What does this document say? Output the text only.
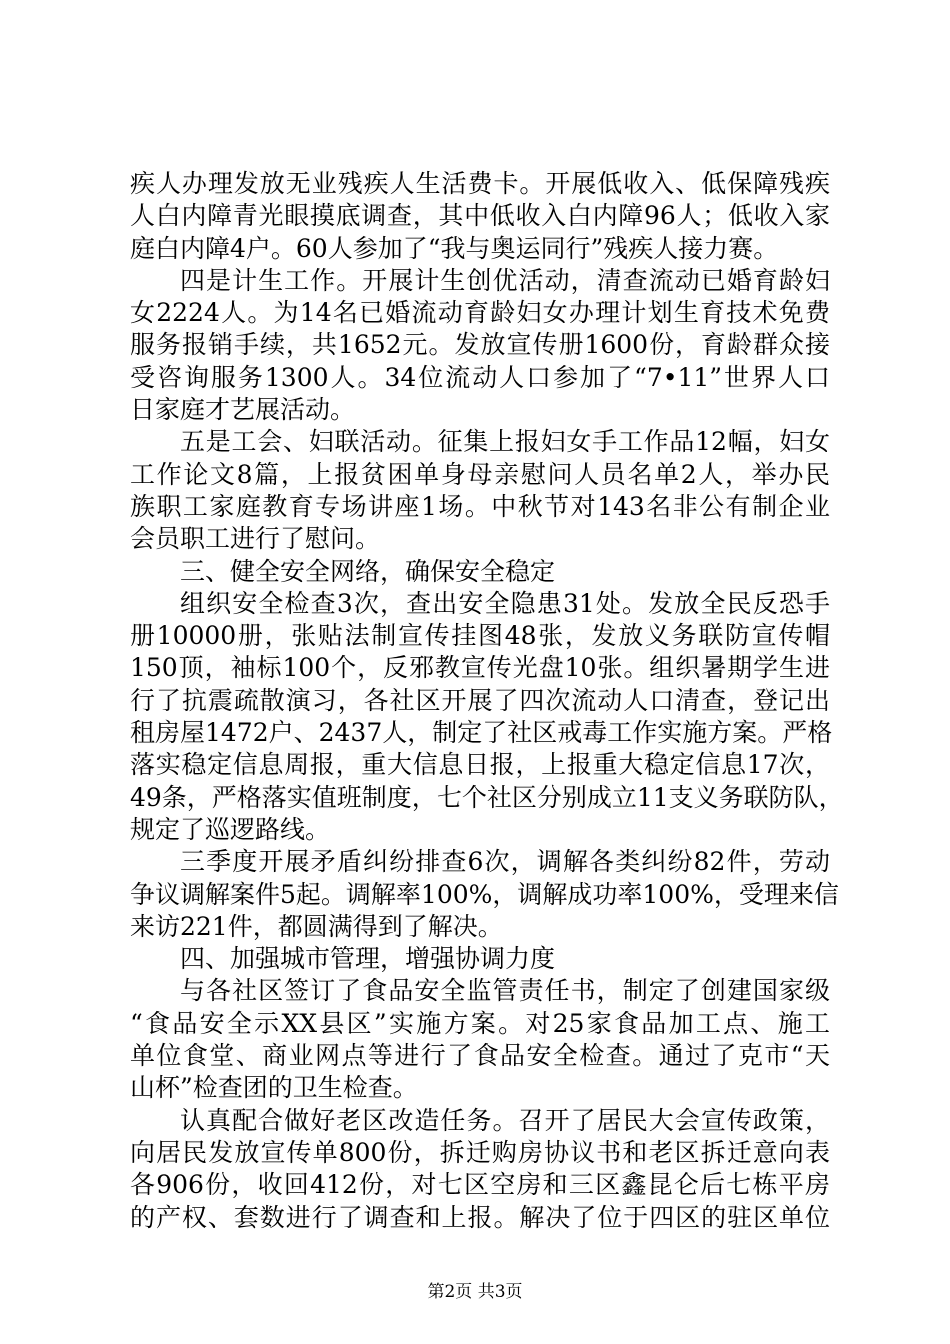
疾人办理发放无业残疾人生活费卡。开展低收入、低保障残疾
人白内障青光眼摸底调查，其中低收入白内障96人；低收入家
庭白内障4户。60人参加了“我与奥运同行”残疾人接力赛。
四是计生工作。开展计生创优活动，清查流动已婚育龄妇
女2224人。为14名已婚流动育龄妇女办理计划生育技术免费
服务报销手续，共1652元。发放宣传册1600份，育龄群众接
受咨询服务1300人。34位流动人口参加了“7•11”世界人口
日家庭才艺展活动。
五是工会、妇联活动。征集上报妇女手工作品12幅，妇女
工作论文8篇，上报贫困单身母亲慰问人员名单2人，举办民
族职工家庭教育专场讲座1场。中秋节对143名非公有制企业
会员职工进行了慰问。
三、健全安全网络，确保安全稳定
组织安全检查3次，查出安全隐患31处。发放全民反恐手
册10000册，张贴法制宣传挂图48张，发放义务联防宣传帽
150顶，袖标100个，反邪教宣传光盘10张。组织暑期学生进
行了抗震疏散演习，各社区开展了四次流动人口清查，登记出
租房屋1472户、2437人，制定了社区戒毒工作实施方案。严格
落实稳定信息周报，重大信息日报，上报重大稳定信息17次，
49条，严格落实值班制度，七个社区分别成立11支义务联防队，
规定了巡逻路线。
三季度开展矛盾纠纷排查6次，调解各类纠纷82件，劳动
争议调解案件5起。调解率100%，调解成功率100%，受理来信
来访221件，都圆满得到了解决。
四、加强城市管理，增强协调力度
与各社区签订了食品安全监管责任书，制定了创建国家级
“食品安全示XX县区”实施方案。对25家食品加工点、施工
单位食堂、商业网点等进行了食品安全检查。通过了克市“天
山杯”检查团的卫生检查。
认真配合做好老区改造任务。召开了居民大会宣传政策，
向居民发放宣传单800份，拆迁购房协议书和老区拆迁意向表
各906份，收回412份，对七区空房和三区鑫昆仑后七栋平房
的产权、套数进行了调查和上报。解决了位于四区的驻区单位
第2页 共3页
